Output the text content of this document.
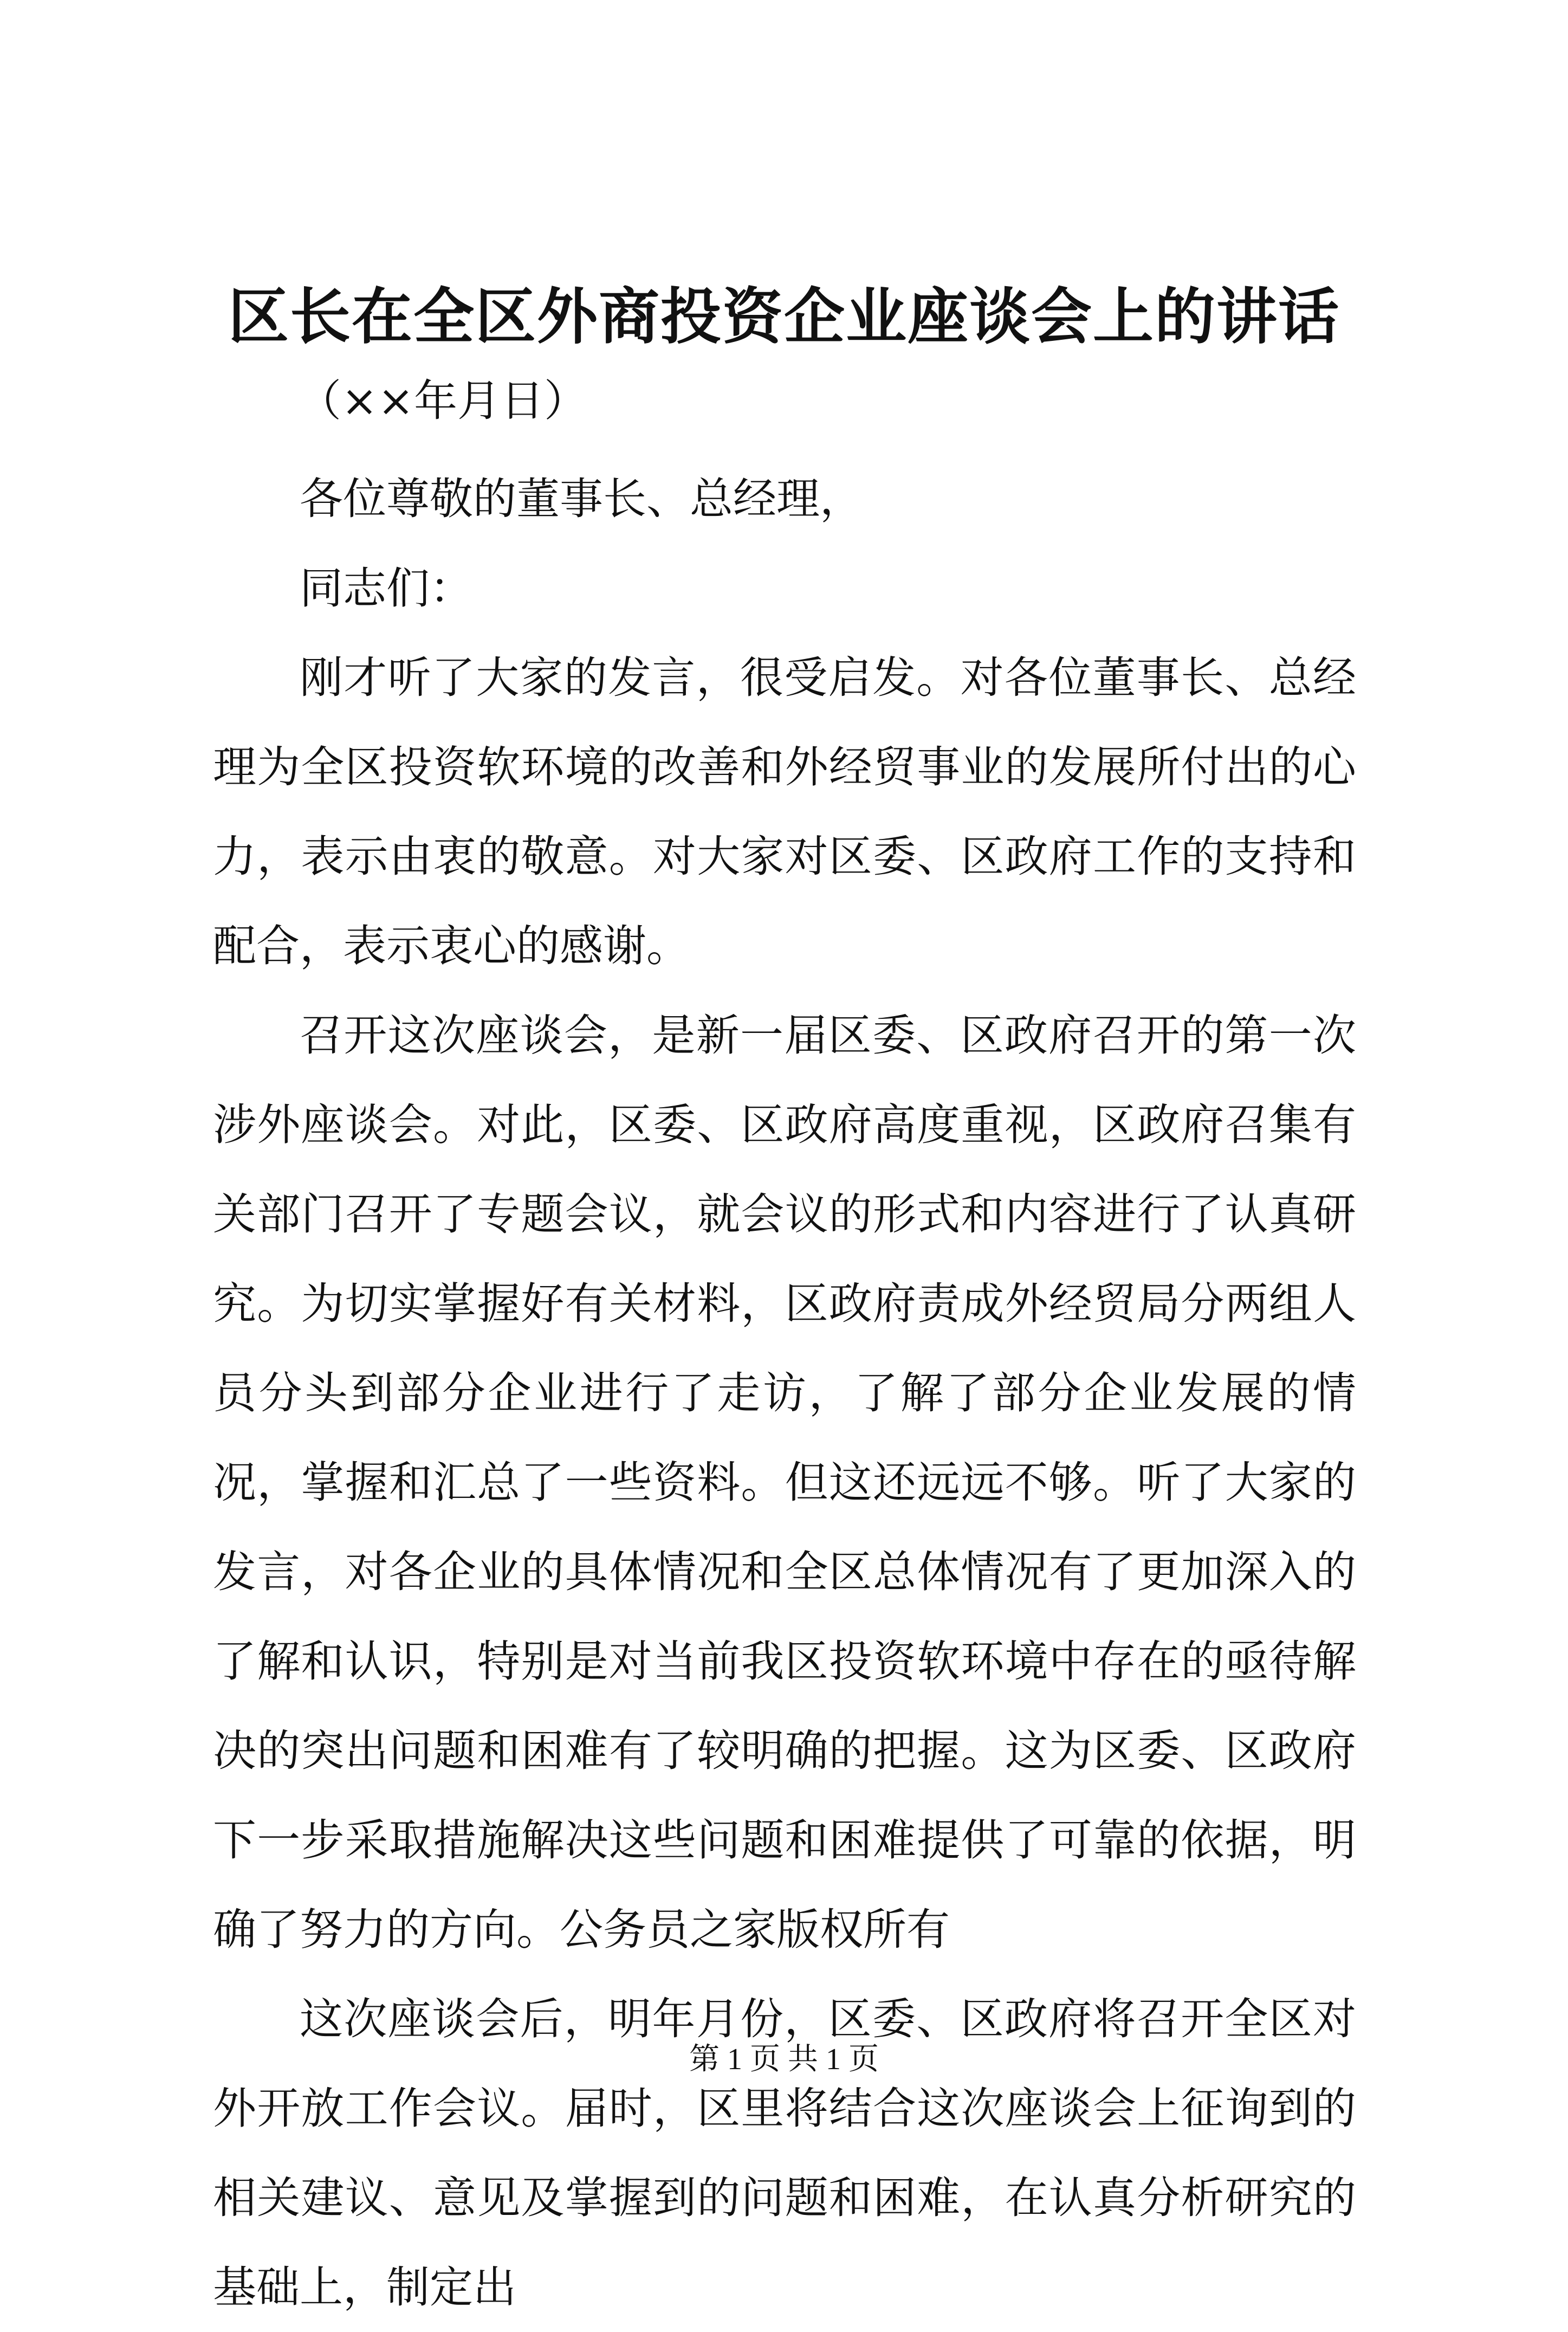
区长在全区外商投资企业座谈会上的讲话
（××年月日）

各位尊敬的董事长、总经理，

同志们：

刚才听了大家的发言，很受启发。对各位董事长、总经理为全区投资软环境的改善和外经贸事业的发展所付出的心力，表示由衷的敬意。对大家对区委、区政府工作的支持和配合，表示衷心的感谢。

召开这次座谈会，是新一届区委、区政府召开的第一次涉外座谈会。对此，区委、区政府高度重视，区政府召集有关部门召开了专题会议，就会议的形式和内容进行了认真研究。为切实掌握好有关材料，区政府责成外经贸局分两组人员分头到部分企业进行了走访，了解了部分企业发展的情况，掌握和汇总了一些资料。但这还远远不够。听了大家的发言，对各企业的具体情况和全区总体情况有了更加深入的了解和认识，特别是对当前我区投资软环境中存在的亟待解决的突出问题和困难有了较明确的把握。这为区委、区政府下一步采取措施解决这些问题和困难提供了可靠的依据，明确了努力的方向。公务员之家版权所有

这次座谈会后，明年月份，区委、区政府将召开全区对外开放工作会议。届时，区里将结合这次座谈会上征询到的相关建议、意见及掌握到的问题和困难，在认真分析研究的基础上，制定出

第 1 页 共 1 页
